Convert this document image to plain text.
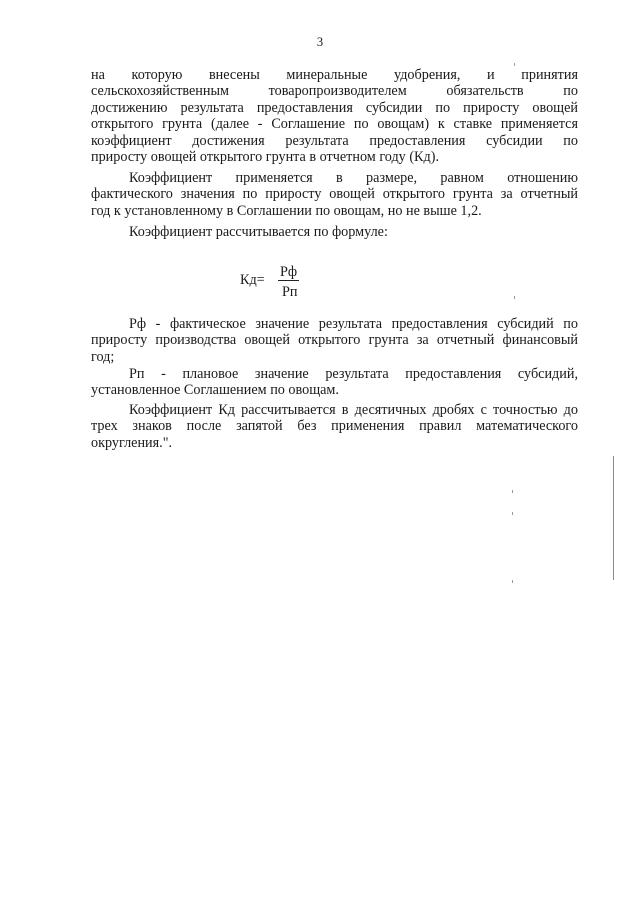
3
на которую внесены минеральные удобрения, и принятия
сельскохозяйственным товаропроизводителем обязательств по
достижению результата предоставления субсидии по приросту овощей
открытого грунта (далее - Соглашение по овощам) к ставке применяется
коэффициент достижения результата предоставления субсидии по
приросту овощей открытого грунта в отчетном году (Кд).
Коэффициент применяется в размере, равном отношению
фактического значения по приросту овощей открытого грунта за отчетный
год к установленному в Соглашении по овощам, но не выше 1,2.
Коэффициент рассчитывается по формуле:
Кд= Рф
Рп
Рф - фактическое значение результата предоставления субсидий по
приросту производства овощей открытого грунта за отчетный финансовый
год;
Рп - плановое значение результата предоставления субсидий,
установленное Соглашением по овощам.
Коэффициент Кд рассчитывается в десятичных дробях с точностью до
трех знаков после запятой без применения правил математического
округления.".
